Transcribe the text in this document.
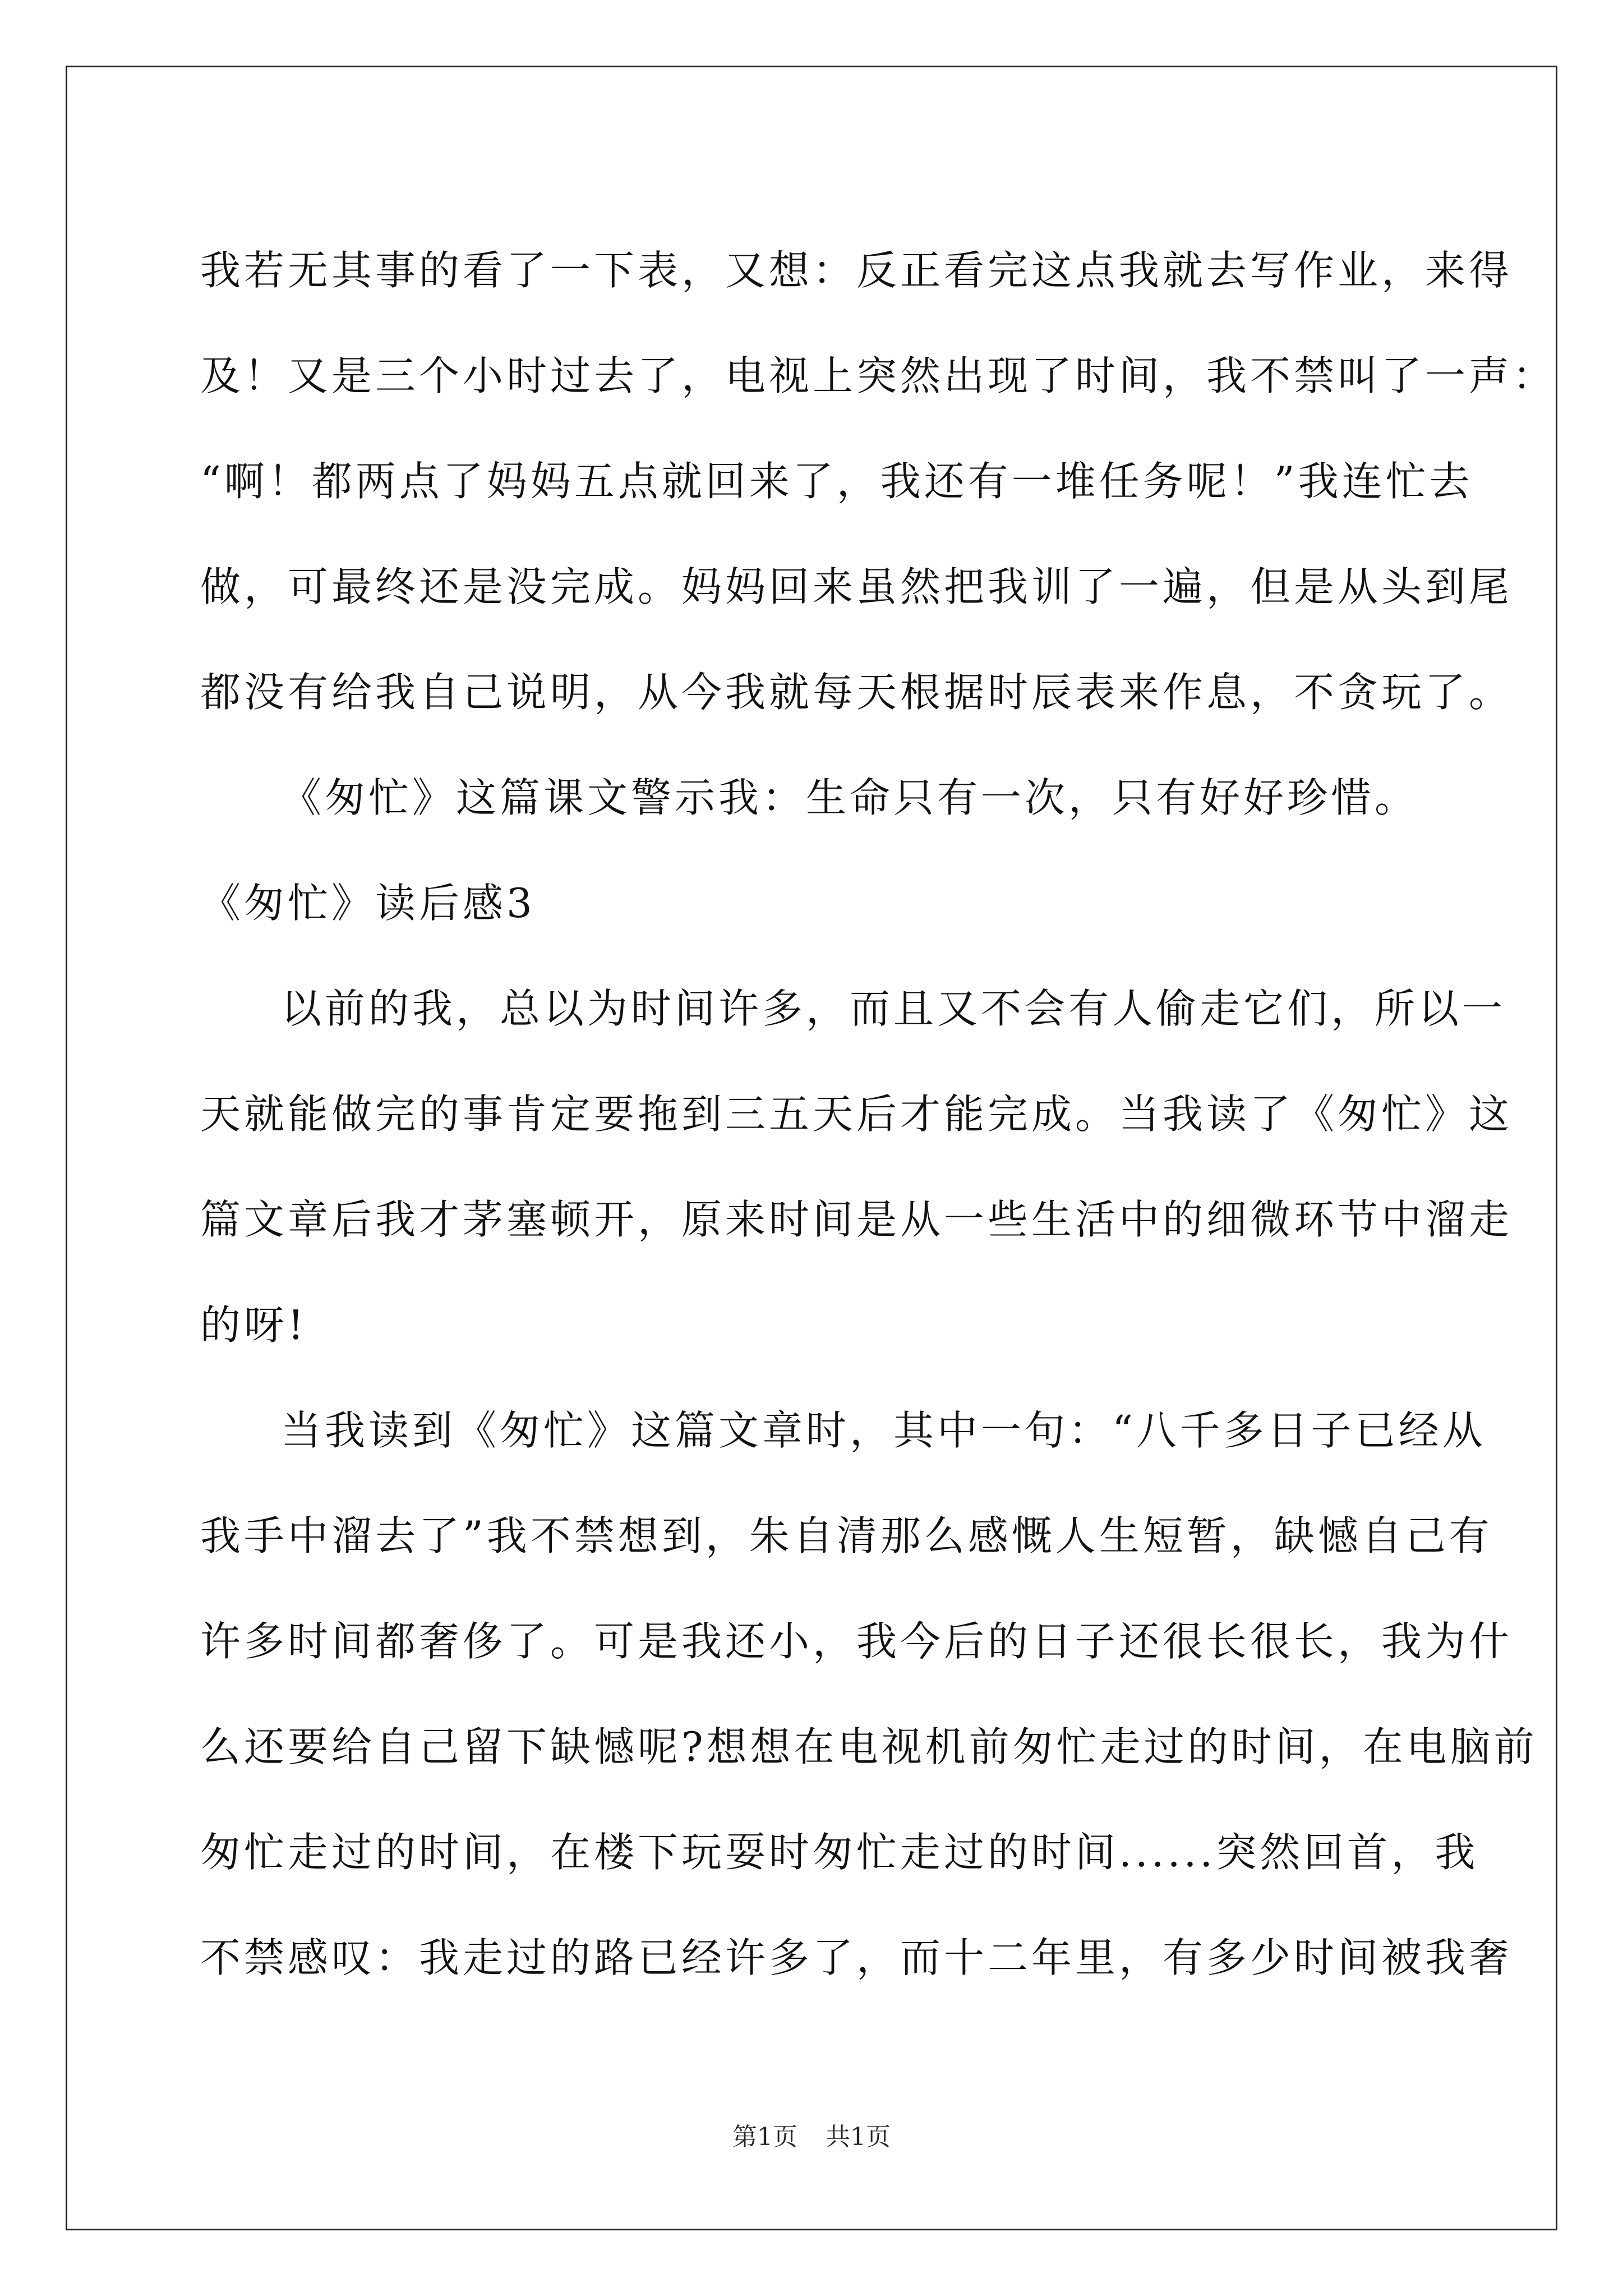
我若无其事的看了一下表，又想：反正看完这点我就去写作业，来得
及！又是三个小时过去了，电视上突然出现了时间，我不禁叫了一声：
“啊！都两点了妈妈五点就回来了，我还有一堆任务呢！”我连忙去
做，可最终还是没完成。妈妈回来虽然把我训了一遍，但是从头到尾
都没有给我自己说明，从今我就每天根据时辰表来作息，不贪玩了。
《匆忙》这篇课文警示我：生命只有一次，只有好好珍惜。
《匆忙》读后感3
以前的我，总以为时间许多，而且又不会有人偷走它们，所以一
天就能做完的事肯定要拖到三五天后才能完成。当我读了《匆忙》这
篇文章后我才茅塞顿开，原来时间是从一些生活中的细微环节中溜走
的呀!
当我读到《匆忙》这篇文章时，其中一句：“八千多日子已经从
我手中溜去了”我不禁想到，朱自清那么感慨人生短暂，缺憾自己有
许多时间都奢侈了。可是我还小，我今后的日子还很长很长，我为什
么还要给自己留下缺憾呢?想想在电视机前匆忙走过的时间，在电脑前
匆忙走过的时间，在楼下玩耍时匆忙走过的时间......突然回首，我
不禁感叹：我走过的路已经许多了，而十二年里，有多少时间被我奢
第1页 共1页
